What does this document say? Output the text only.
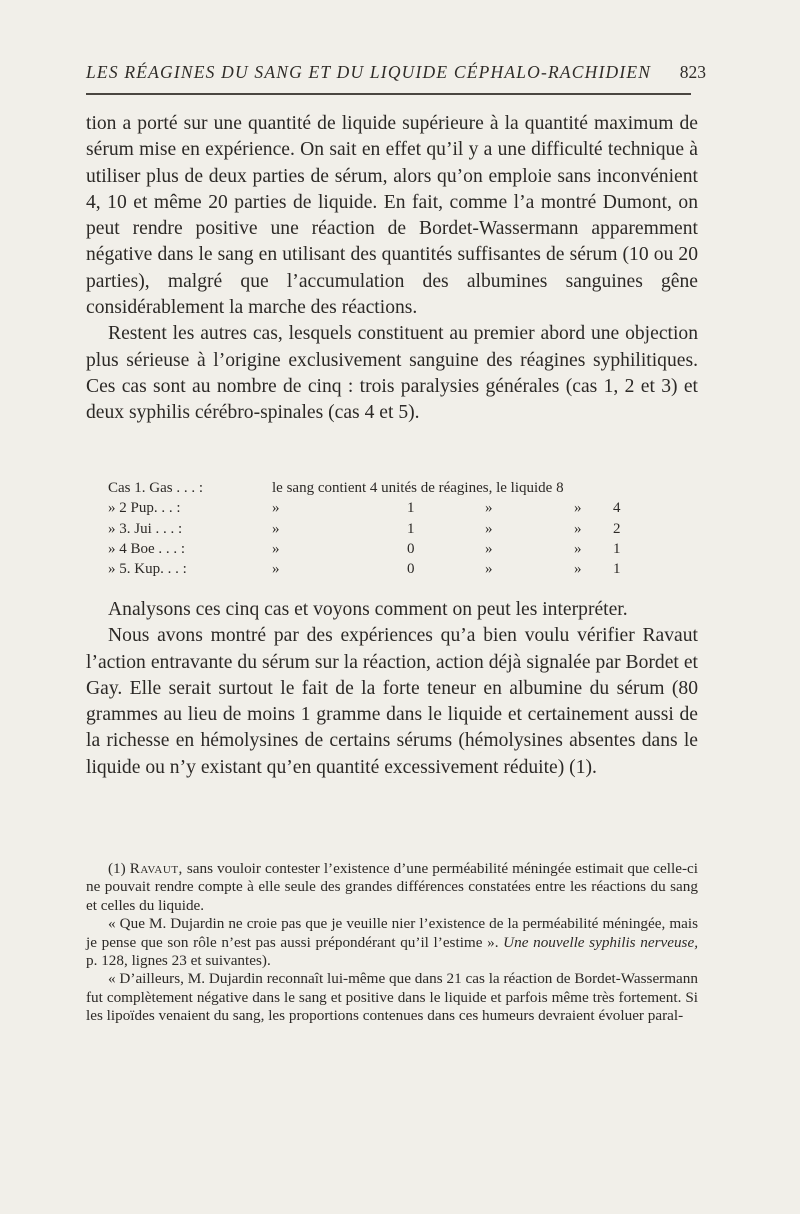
LES RÉAGINES DU SANG ET DU LIQUIDE CÉPHALO-RACHIDIEN 823

tion a porté sur une quantité de liquide supérieure à la quantité maximum de sérum mise en expérience. On sait en effet qu’il y a une difficulté technique à utiliser plus de deux parties de sérum, alors qu’on emploie sans inconvénient 4, 10 et même 20 parties de liquide. En fait, comme l’a montré Dumont, on peut rendre positive une réaction de Bordet-Wassermann apparemment négative dans le sang en utilisant des quantités suffisantes de sérum (10 ou 20 parties), malgré que l’accumulation des albumines sanguines gêne considérablement la marche des réactions.

Restent les autres cas, lesquels constituent au premier abord une objection plus sérieuse à l’origine exclusivement sanguine des réagines syphilitiques. Ces cas sont au nombre de cinq : trois paralysies générales (cas 1, 2 et 3) et deux syphilis cérébro-spinales (cas 4 et 5).

Cas 1. Gas . . . :	le sang contient 4 unités de réagines, le liquide 8
» 2 Pup. . . :	»	1	»	» 4
» 3. Jui . . . :	»	1	»	» 2
» 4 Boe . . . :	»	0	»	» 1
» 5. Kup. . . :	»	0	»	» 1

Analysons ces cinq cas et voyons comment on peut les interpréter.

Nous avons montré par des expériences qu’a bien voulu vérifier Ravaut l’action entravante du sérum sur la réaction, action déjà signalée par Bordet et Gay. Elle serait surtout le fait de la forte teneur en albumine du sérum (80 grammes au lieu de moins 1 gramme dans le liquide et certainement aussi de la richesse en hémolysines de certains sérums (hémolysines absentes dans le liquide ou n’y existant qu’en quantité excessivement réduite) (1).

(1) Ravaut, sans vouloir contester l’existence d’une perméabilité méningée estimait que celle-ci ne pouvait rendre compte à elle seule des grandes différences constatées entre les réactions du sang et celles du liquide.

« Que M. Dujardin ne croie pas que je veuille nier l’existence de la perméabilité méningée, mais je pense que son rôle n’est pas aussi prépondérant qu’il l’estime ». Une nouvelle syphilis nerveuse, p. 128, lignes 23 et suivantes).

« D’ailleurs, M. Dujardin reconnaît lui-même que dans 21 cas la réaction de Bordet-Wassermann fut complètement négative dans le sang et positive dans le liquide et parfois même très fortement. Si les lipoïdes venaient du sang, les proportions contenues dans ces humeurs devraient évoluer paral-
